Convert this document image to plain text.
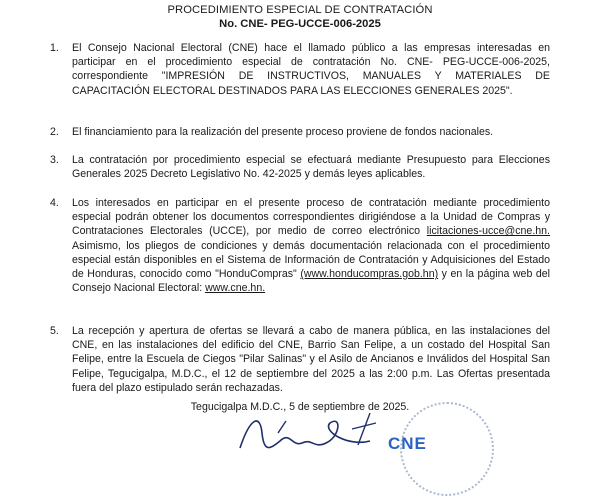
PROCEDIMIENTO ESPECIAL DE CONTRATACIÓN
No. CNE- PEG-UCCE-006-2025
1. El Consejo Nacional Electoral (CNE) hace el llamado público a las empresas interesadas en participar en el procedimiento especial de contratación No. CNE- PEG-UCCE-006-2025, correspondiente "IMPRESIÓN DE INSTRUCTIVOS, MANUALES Y MATERIALES DE CAPACITACIÓN ELECTORAL DESTINADOS PARA LAS ELECCIONES GENERALES 2025".
2. El financiamiento para la realización del presente proceso proviene de fondos nacionales.
3. La contratación por procedimiento especial se efectuará mediante Presupuesto para Elecciones Generales 2025 Decreto Legislativo No. 42-2025 y demás leyes aplicables.
4. Los interesados en participar en el presente proceso de contratación mediante procedimiento especial podrán obtener los documentos correspondientes dirigiéndose a la Unidad de Compras y Contrataciones Electorales (UCCE), por medio de correo electrónico licitaciones-ucce@cne.hn. Asimismo, los pliegos de condiciones y demás documentación relacionada con el procedimiento especial están disponibles en el Sistema de Información de Contratación y Adquisiciones del Estado de Honduras, conocido como "HonduCompras" (www.honducompras.gob.hn) y en la página web del Consejo Nacional Electoral: www.cne.hn.
5. La recepción y apertura de ofertas se llevará a cabo de manera pública, en las instalaciones del CNE, en las instalaciones del edificio del CNE, Barrio San Felipe, a un costado del Hospital San Felipe, entre la Escuela de Ciegos "Pilar Salinas" y el Asilo de Ancianos e Inválidos del Hospital San Felipe, Tegucigalpa, M.D.C., el 12 de septiembre del 2025 a las 2:00 p.m. Las Ofertas presentada fuera del plazo estipulado serán rechazadas.
Tegucigalpa M.D.C., 5 de septiembre de 2025.
CNE
